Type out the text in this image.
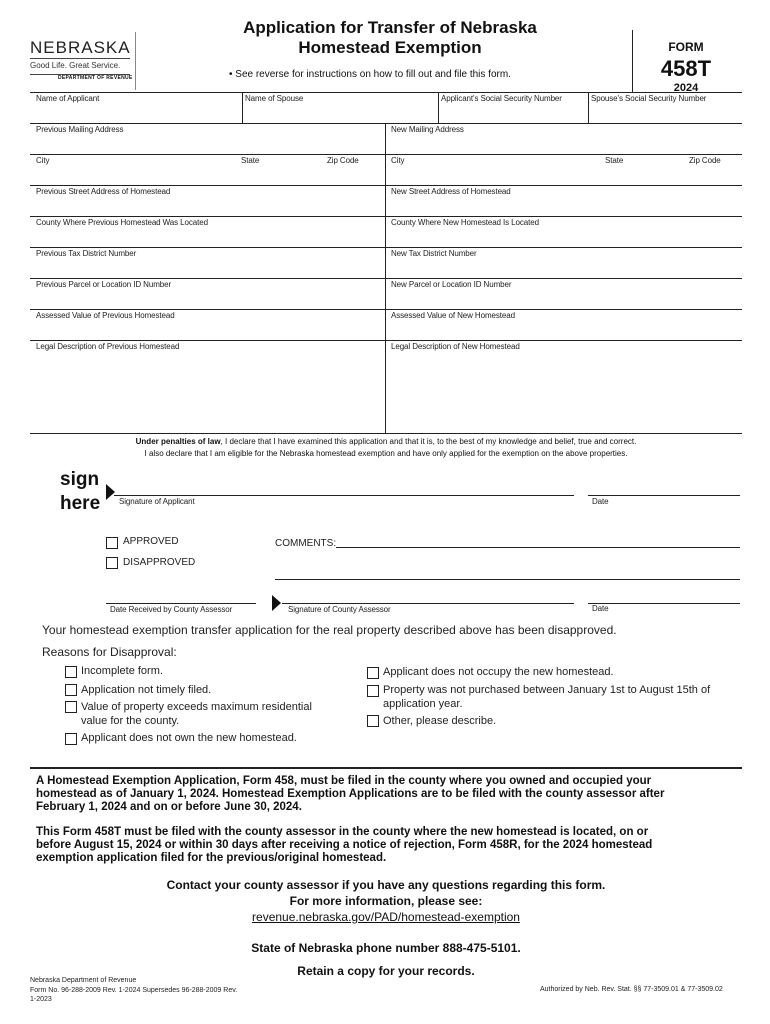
NEBRASKA
Good Life. Great Service.
DEPARTMENT OF REVENUE
Application for Transfer of Nebraska
Homestead Exemption
• See reverse for instructions on how to fill out and file this form.
FORM
458T
2024
Name of Applicant	Name of Spouse	Applicant's Social Security Number	Spouse's Social Security Number
Previous Mailing Address	New Mailing Address
City	State	Zip Code	City	State	Zip Code
Previous Street Address of Homestead	New Street Address of Homestead
County Where Previous Homestead Was Located	County Where New Homestead Is Located
Previous Tax District Number	New Tax District Number
Previous Parcel or Location ID Number	New Parcel or Location ID Number
Assessed Value of Previous Homestead	Assessed Value of New Homestead
Legal Description of Previous Homestead	Legal Description of New Homestead
Under penalties of law, I declare that I have examined this application and that it is, to the best of my knowledge and belief, true and correct.
I also declare that I am eligible for the Nebraska homestead exemption and have only applied for the exemption on the above properties.
sign
here Signature of Applicant	Date
APPROVED
DISAPPROVED
COMMENTS:
Date Received by County Assessor	Signature of County Assessor	Date
Your homestead exemption transfer application for the real property described above has been disapproved.
Reasons for Disapproval:
Incomplete form.
Application not timely filed.
Value of property exceeds maximum residential
value for the county.
Applicant does not own the new homestead.
Applicant does not occupy the new homestead.
Property was not purchased between January 1st to August 15th of
application year.
Other, please describe.
A Homestead Exemption Application, Form 458, must be filed in the county where you owned and occupied your
homestead as of January 1, 2024. Homestead Exemption Applications are to be filed with the county assessor after
February 1, 2024 and on or before June 30, 2024.
This Form 458T must be filed with the county assessor in the county where the new homestead is located, on or
before August 15, 2024 or within 30 days after receiving a notice of rejection, Form 458R, for the 2024 homestead
exemption application filed for the previous/original homestead.
Contact your county assessor if you have any questions regarding this form.
For more information, please see:
revenue.nebraska.gov/PAD/homestead-exemption
State of Nebraska phone number 888-475-5101.
Retain a copy for your records.
Nebraska Department of Revenue
Form No. 96-288-2009 Rev. 1-2024 Supersedes 96-288-2009 Rev.
1-2023
Authorized by Neb. Rev. Stat. §§ 77-3509.01 & 77-3509.02
